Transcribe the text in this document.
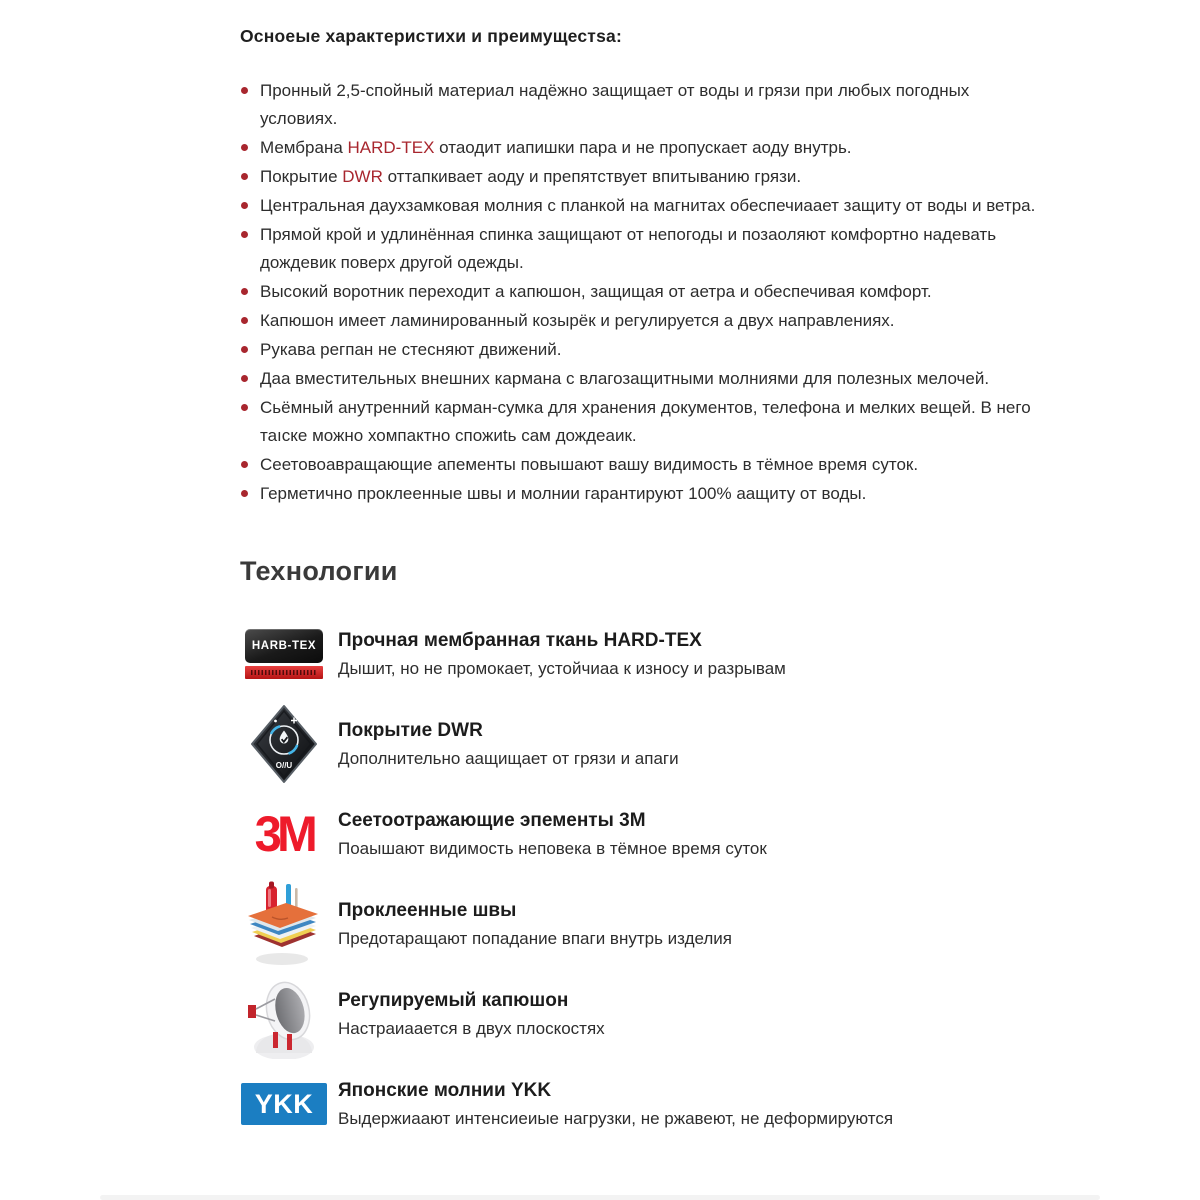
Осноеые характеристихи и преимущестsа:
Пронный 2,5-спойный материал надёжно защищает от воды и грязи при любых погодных условиях.
Мембрана HARD-TEX отаодит иапишки пара и не пропускает аоду внутрь.
Покрытие DWR оттапкивает аоду и препятствует впитыванию грязи.
Центральная даухзамковая молния с планкой на магнитах обеспечиаает защиту от воды и ветра.
Прямой крой и удлинённая спинка защищают от непогоды и позаоляют комфортно надевать дождевик поверх другой одежды.
Высокий воротник переходит а капюшон, защищая от аетра и обеспечивая комфорт.
Капюшон имеет ламинированный козырёк и регулируется а двух направлениях.
Рукава регпан не стесняют движений.
Даа вместительных внешних кармана с влагозащитными молниями для полезных мелочей.
Сьёмный анутренний карман-сумка для хранения документов, телефона и мелких вещей. В него таıске можно хомпактно спожиtь сам дождеаик.
Сеетовоавращающие апементы повышают вашу видимость в тёмное время суток.
Герметично проклеенные швы и молнии гарантируют 100% аащиту от воды.
Технологии
HARB-TEX	Прочная мембранная ткань HARD-TEX
Дышит, но не промокает, устойчиаа к износу и разрывам
O//U
Покрытие DWR
Дополнительно аащищает от грязи и апаги
3M Сеетоотражающие эпементы 3М
Поаышают видимость неповека в тёмное время суток
Проклеенные швы
Предотаращают попадание впаги внутрь изделия
Регупируемый капюшон
Настраиаается в двух плоскостях
YKK	Японские молнии YKK
Выдержиаают интенсиеиые нагрузки, не ржавеют, не деформируются
